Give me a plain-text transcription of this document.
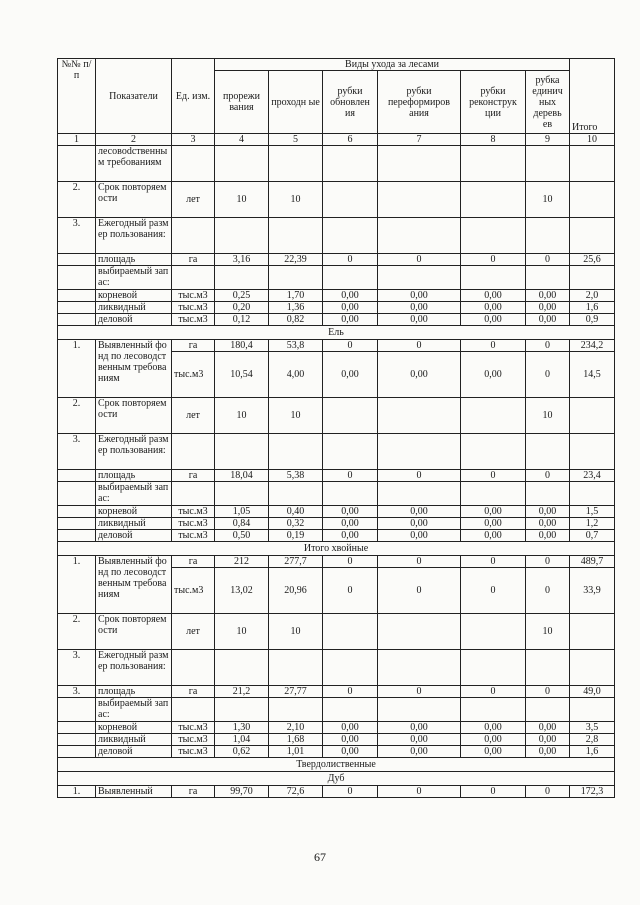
№№ п/п	Показатели	Ед. изм.	Виды ухода за лесами						Итого
			прорежи вания	проходн ые	рубки обновлен ия	рубки переформиров ания	рубки реконструк ции	рубка единич ных деревь ев	
1	2	3	4	5	6	7	8	9	10
	лесовodственным требованиям								
2.	Срок повторяемости	лет	10	10				10	
3.	Ежегодный размер пользования:								
	площадь	га	3,16	22,39	0	0	0	0	25,6
	выбираемый запас:								
	корневой	тыс.м3	0,25	1,70	0,00	0,00	0,00	0,00	2,0
	ликвидный	тыс.м3	0,20	1,36	0,00	0,00	0,00	0,00	1,6
	деловой	тыс.м3	0,12	0,82	0,00	0,00	0,00	0,00	0,9
Ель									
1.	Выявленный фонд по лесоводственным требованиям	га	180,4	53,8	0	0	0	0	234,2
		тыс.м3	10,54	4,00	0,00	0,00	0,00	0	14,5
2.	Срок повторяемости	лет	10	10				10	
3.	Ежегодный размер пользования:								
	площадь	га	18,04	5,38	0	0	0	0	23,4
	выбираемый запас:								
	корневой	тыс.м3	1,05	0,40	0,00	0,00	0,00	0,00	1,5
	ликвидный	тыс.м3	0,84	0,32	0,00	0,00	0,00	0,00	1,2
	деловой	тыс.м3	0,50	0,19	0,00	0,00	0,00	0,00	0,7
Итого хвойные									
1.	Выявленный фонд по лесоводственным требованиям	га	212	277,7	0	0	0	0	489,7
		тыс.м3	13,02	20,96	0	0	0	0	33,9
2.	Срок повторяемости	лет	10	10				10	
3.	Ежегодный размер пользования:								
3.	площадь	га	21,2	27,77	0	0	0	0	49,0
	выбираемый запас:								
	корневой	тыс.м3	1,30	2,10	0,00	0,00	0,00	0,00	3,5
	ликвидный	тыс.м3	1,04	1,68	0,00	0,00	0,00	0,00	2,8
	деловой	тыс.м3	0,62	1,01	0,00	0,00	0,00	0,00	1,6
Твердолиственные									
Дуб									
1.	Выявленный	га	99,70	72,6	0	0	0	0	172,3
67
